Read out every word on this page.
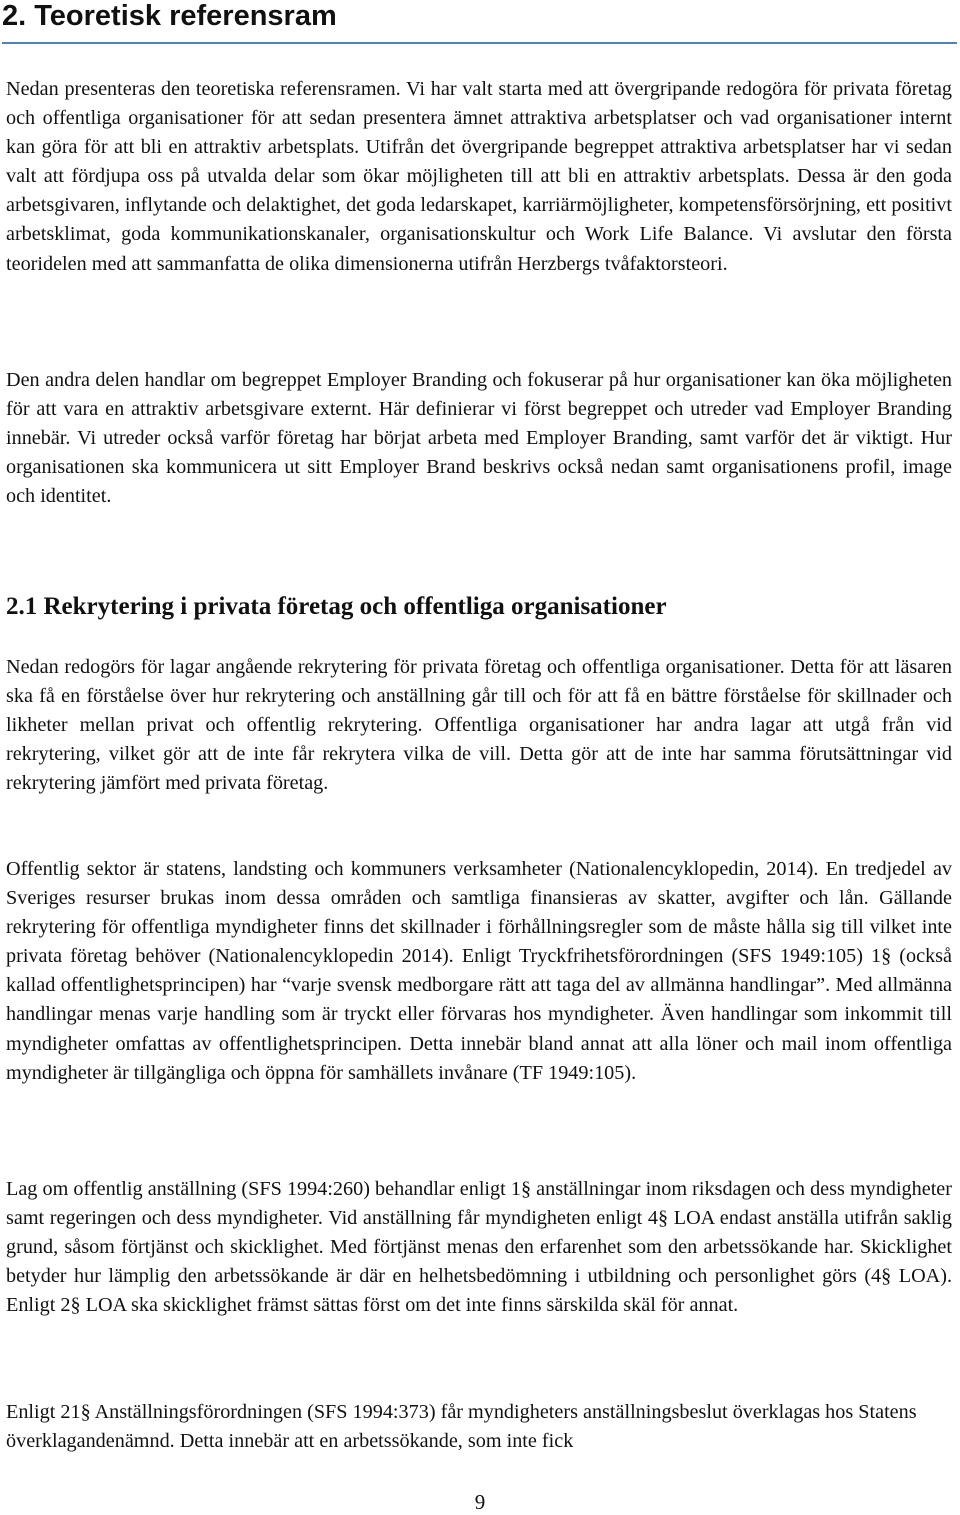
2. Teoretisk referensram

Nedan presenteras den teoretiska referensramen. Vi har valt starta med att övergripande redogöra för privata företag och offentliga organisationer för att sedan presentera ämnet attraktiva arbetsplatser och vad organisationer internt kan göra för att bli en attraktiv arbetsplats. Utifrån det övergripande begreppet attraktiva arbetsplatser har vi sedan valt att fördjupa oss på utvalda delar som ökar möjligheten till att bli en attraktiv arbetsplats. Dessa är den goda arbetsgivaren, inflytande och delaktighet, det goda ledarskapet, karriärmöjligheter, kompetensförsörjning, ett positivt arbetsklimat, goda kommunikationskanaler, organisationskultur och Work Life Balance. Vi avslutar den första teoridelen med att sammanfatta de olika dimensionerna utifrån Herzbergs tvåfaktorsteori.

Den andra delen handlar om begreppet Employer Branding och fokuserar på hur organisationer kan öka möjligheten för att vara en attraktiv arbetsgivare externt. Här definierar vi först begreppet och utreder vad Employer Branding innebär. Vi utreder också varför företag har börjat arbeta med Employer Branding, samt varför det är viktigt. Hur organisationen ska kommunicera ut sitt Employer Brand beskrivs också nedan samt organisationens profil, image och identitet.

2.1 Rekrytering i privata företag och offentliga organisationer

Nedan redogörs för lagar angående rekrytering för privata företag och offentliga organisationer. Detta för att läsaren ska få en förståelse över hur rekrytering och anställning går till och för att få en bättre förståelse för skillnader och likheter mellan privat och offentlig rekrytering. Offentliga organisationer har andra lagar att utgå från vid rekrytering, vilket gör att de inte får rekrytera vilka de vill. Detta gör att de inte har samma förutsättningar vid rekrytering jämfört med privata företag.

Offentlig sektor är statens, landsting och kommuners verksamheter (Nationalencyklopedin, 2014). En tredjedel av Sveriges resurser brukas inom dessa områden och samtliga finansieras av skatter, avgifter och lån. Gällande rekrytering för offentliga myndigheter finns det skillnader i förhållningsregler som de måste hålla sig till vilket inte privata företag behöver (Nationalencyklopedin 2014). Enligt Tryckfrihetsförordningen (SFS 1949:105) 1§ (också kallad offentlighetsprincipen) har “varje svensk medborgare rätt att taga del av allmänna handlingar”. Med allmänna handlingar menas varje handling som är tryckt eller förvaras hos myndigheter. Även handlingar som inkommit till myndigheter omfattas av offentlighetsprincipen. Detta innebär bland annat att alla löner och mail inom offentliga myndigheter är tillgängliga och öppna för samhällets invånare (TF 1949:105).

Lag om offentlig anställning (SFS 1994:260) behandlar enligt 1§ anställningar inom riksdagen och dess myndigheter samt regeringen och dess myndigheter. Vid anställning får myndigheten enligt 4§ LOA endast anställa utifrån saklig grund, såsom förtjänst och skicklighet. Med förtjänst menas den erfarenhet som den arbetssökande har. Skicklighet betyder hur lämplig den arbetssökande är där en helhetsbedömning i utbildning och personlighet görs (4§ LOA). Enligt 2§ LOA ska skicklighet främst sättas först om det inte finns särskilda skäl för annat.

Enligt 21§ Anställningsförordningen (SFS 1994:373) får myndigheters anställningsbeslut överklagas hos Statens överklagandenämnd. Detta innebär att en arbetssökande, som inte fick

9
